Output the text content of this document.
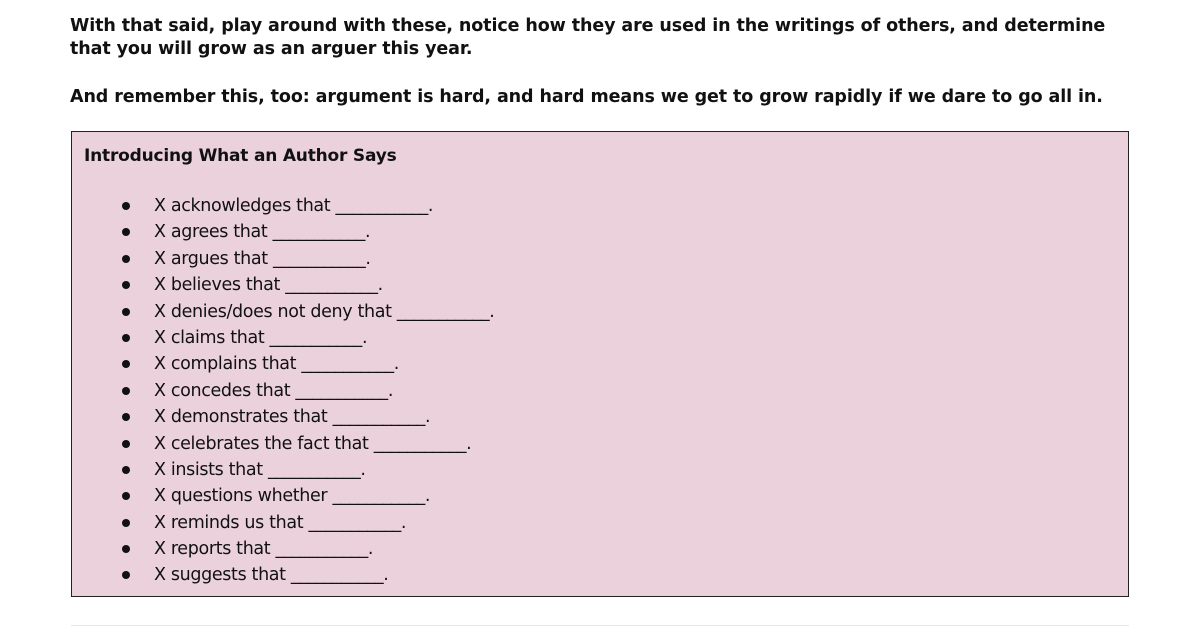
With that said, play around with these, notice how they are used in the writings of others, and determine that you will grow as an arguer this year.

And remember this, too: argument is hard, and hard means we get to grow rapidly if we dare to go all in.

Introducing What an Author Says

X acknowledges that ___________.
X agrees that ___________.
X argues that ___________.
X believes that ___________.
X denies/does not deny that ___________.
X claims that ___________.
X complains that ___________.
X concedes that ___________.
X demonstrates that ___________.
X celebrates the fact that ___________.
X insists that ___________.
X questions whether ___________.
X reminds us that ___________.
X reports that ___________.
X suggests that ___________.
